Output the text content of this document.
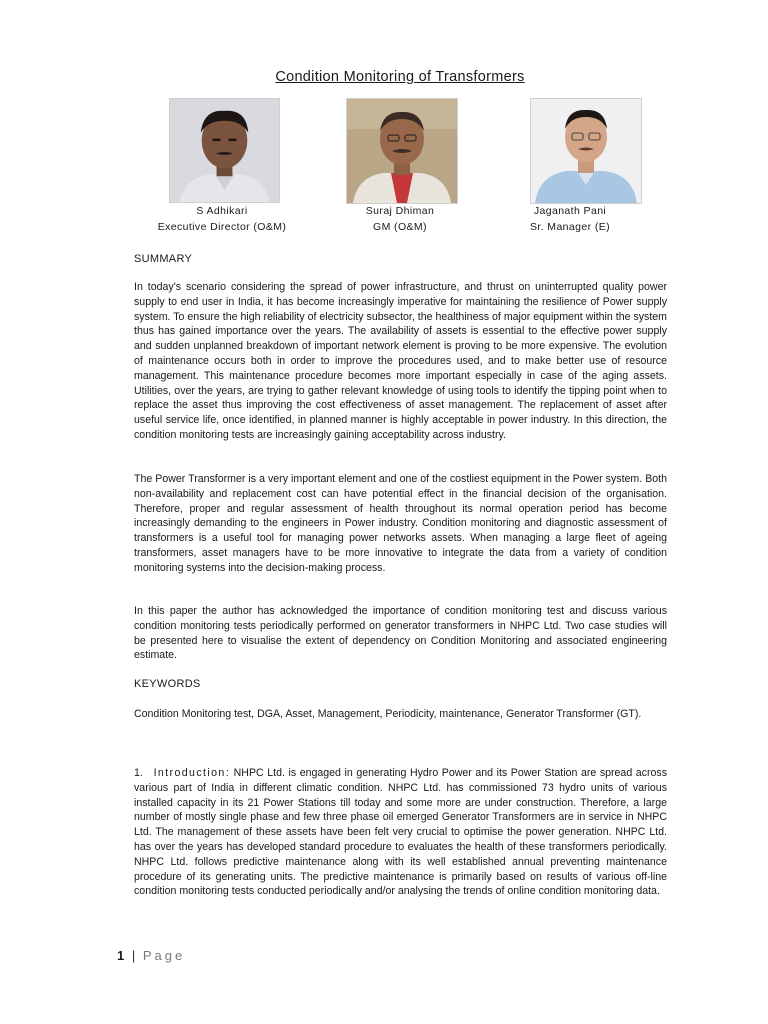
Condition Monitoring of Transformers
S Adhikari
Executive Director (O&M)
Suraj Dhiman
GM (O&M)
Jaganath Pani
Sr. Manager (E)
SUMMARY

In today's scenario considering the spread of power infrastructure, and thrust on uninterrupted quality power supply to end user in India, it has become increasingly imperative for maintaining the resilience of Power supply system. To ensure the high reliability of electricity subsector, the healthiness of major equipment within the system thus has gained importance over the years. The availability of assets is essential to the effective power supply and sudden unplanned breakdown of important network element is proving to be more expensive. The evolution of maintenance occurs both in order to improve the procedures used, and to make better use of resource management. This maintenance procedure becomes more important especially in case of the aging assets. Utilities, over the years, are trying to gather relevant knowledge of using tools to identify the tipping point when to replace the asset thus improving the cost effectiveness of asset management. The replacement of asset after useful service life, once identified, in planned manner is highly acceptable in power industry. In this direction, the condition monitoring tests are increasingly gaining acceptability across industry.

The Power Transformer is a very important element and one of the costliest equipment in the Power system. Both non-availability and replacement cost can have potential effect in the financial decision of the organisation. Therefore, proper and regular assessment of health throughout its normal operation period has become increasingly demanding to the engineers in Power industry. Condition monitoring and diagnostic assessment of transformers is a useful tool for managing power networks assets. When managing a large fleet of ageing transformers, asset managers have to be more innovative to integrate the data from a variety of condition monitoring systems into the decision-making process.

In this paper the author has acknowledged the importance of condition monitoring test and discuss various condition monitoring tests periodically performed on generator transformers in NHPC Ltd. Two case studies will be presented here to visualise the extent of dependency on Condition Monitoring and associated engineering estimate.

KEYWORDS

Condition Monitoring test, DGA, Asset, Management, Periodicity, maintenance, Generator Transformer (GT).

1. Introduction: NHPC Ltd. is engaged in generating Hydro Power and its Power Station are spread across various part of India in different climatic condition. NHPC Ltd. has commissioned 73 hydro units of various installed capacity in its 21 Power Stations till today and some more are under construction. Therefore, a large number of mostly single phase and few three phase oil emerged Generator Transformers are in service in NHPC Ltd. The management of these assets have been felt very crucial to optimise the power generation. NHPC Ltd. has over the years has developed standard procedure to evaluates the health of these transformers periodically. NHPC Ltd. follows predictive maintenance along with its well established annual preventing maintenance procedure of its generating units. The predictive maintenance is primarily based on results of various off-line condition monitoring tests conducted periodically and/or analysing the trends of online condition monitoring data.

1 | Page
